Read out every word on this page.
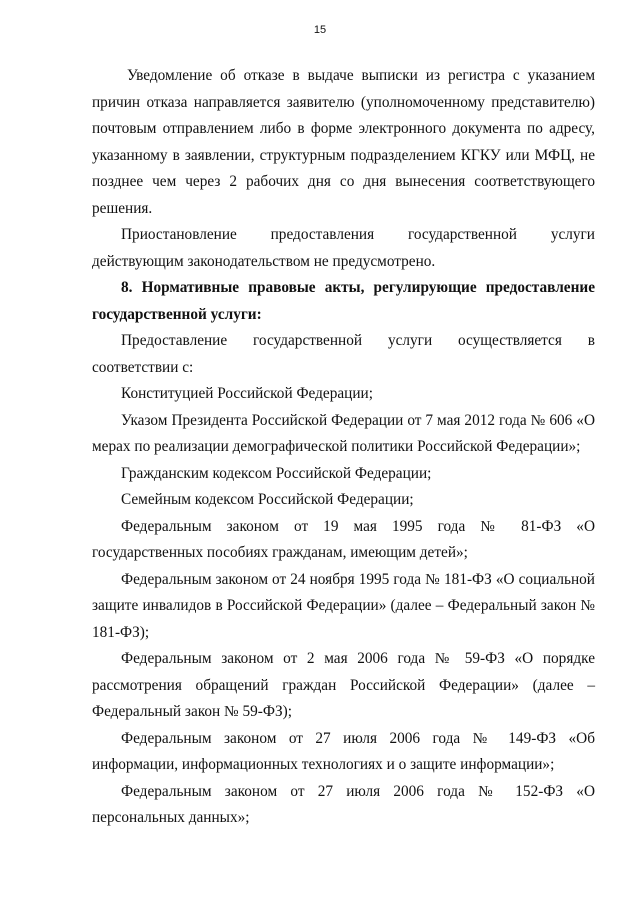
15

Уведомление об отказе в выдаче выписки из регистра с указанием причин отказа направляется заявителю (уполномоченному представителю) почтовым отправлением либо в форме электронного документа по адресу, указанному в заявлении, структурным подразделением КГКУ или МФЦ, не позднее чем через 2 рабочих дня со дня вынесения соответствующего решения.

Приостановление предоставления государственной услуги действующим законодательством не предусмотрено.

8. Нормативные правовые акты, регулирующие предоставление государственной услуги:

Предоставление государственной услуги осуществляется в соответствии с:

Конституцией Российской Федерации;

Указом Президента Российской Федерации от 7 мая 2012 года № 606 «О мерах по реализации демографической политики Российской Федерации»;

Гражданским кодексом Российской Федерации;

Семейным кодексом Российской Федерации;

Федеральным законом от 19 мая 1995 года № 81-ФЗ «О государственных пособиях гражданам, имеющим детей»;

Федеральным законом от 24 ноября 1995 года № 181-ФЗ «О социальной защите инвалидов в Российской Федерации» (далее – Федеральный закон № 181-ФЗ);

Федеральным законом от 2 мая 2006 года № 59-ФЗ «О порядке рассмотрения обращений граждан Российской Федерации» (далее – Федеральный закон № 59-ФЗ);

Федеральным законом от 27 июля 2006 года № 149-ФЗ «Об информации, информационных технологиях и о защите информации»;

Федеральным законом от 27 июля 2006 года № 152-ФЗ «О персональных данных»;
